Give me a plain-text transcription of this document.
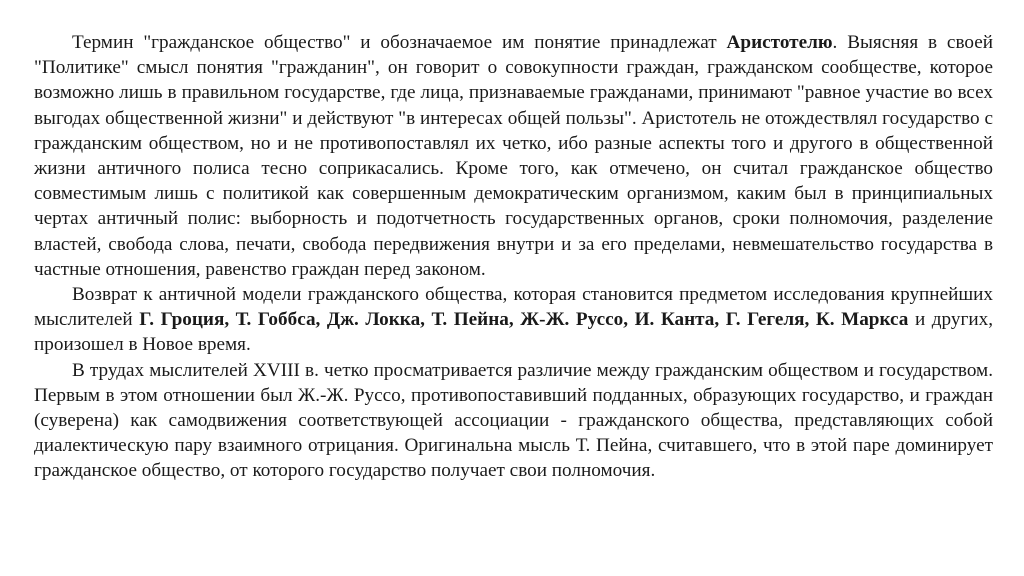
Термин "гражданское общество" и обозначаемое им понятие принадлежат Аристотелю. Выясняя в своей "Политике" смысл понятия "гражданин", он говорит о совокупности граждан, гражданском сообществе, которое возможно лишь в правильном государстве, где лица, признаваемые гражданами, принимают "равное участие во всех выгодах общественной жизни" и действуют "в интересах общей пользы". Аристотель не отождествлял государство с гражданским обществом, но и не противопоставлял их четко, ибо разные аспекты того и другого в общественной жизни античного полиса тесно соприкасались. Кроме того, как отмечено, он считал гражданское общество совместимым лишь с политикой как совершенным демократическим организмом, каким был в принципиальных чертах античный полис: выборность и подотчетность государственных органов, сроки полномочия, разделение властей, свобода слова, печати, свобода передвижения внутри и за его пределами, невмешательство государства в частные отношения, равенство граждан перед законом.

Возврат к античной модели гражданского общества, которая становится предметом исследования крупнейших мыслителей Г. Гроция, Т. Гоббса, Дж. Локка, Т. Пейна, Ж-Ж. Руссо, И. Канта, Г. Гегеля, К. Маркса и других, произошел в Новое время.

В трудах мыслителей XVIII в. четко просматривается различие между гражданским обществом и государством. Первым в этом отношении был Ж.-Ж. Руссо, противопоставивший подданных, образующих государство, и граждан (суверена) как самодвижения соответствующей ассоциации - гражданского общества, представляющих собой диалектическую пару взаимного отрицания. Оригинальна мысль Т. Пейна, считавшего, что в этой паре доминирует гражданское общество, от которого государство получает свои полномочия.
